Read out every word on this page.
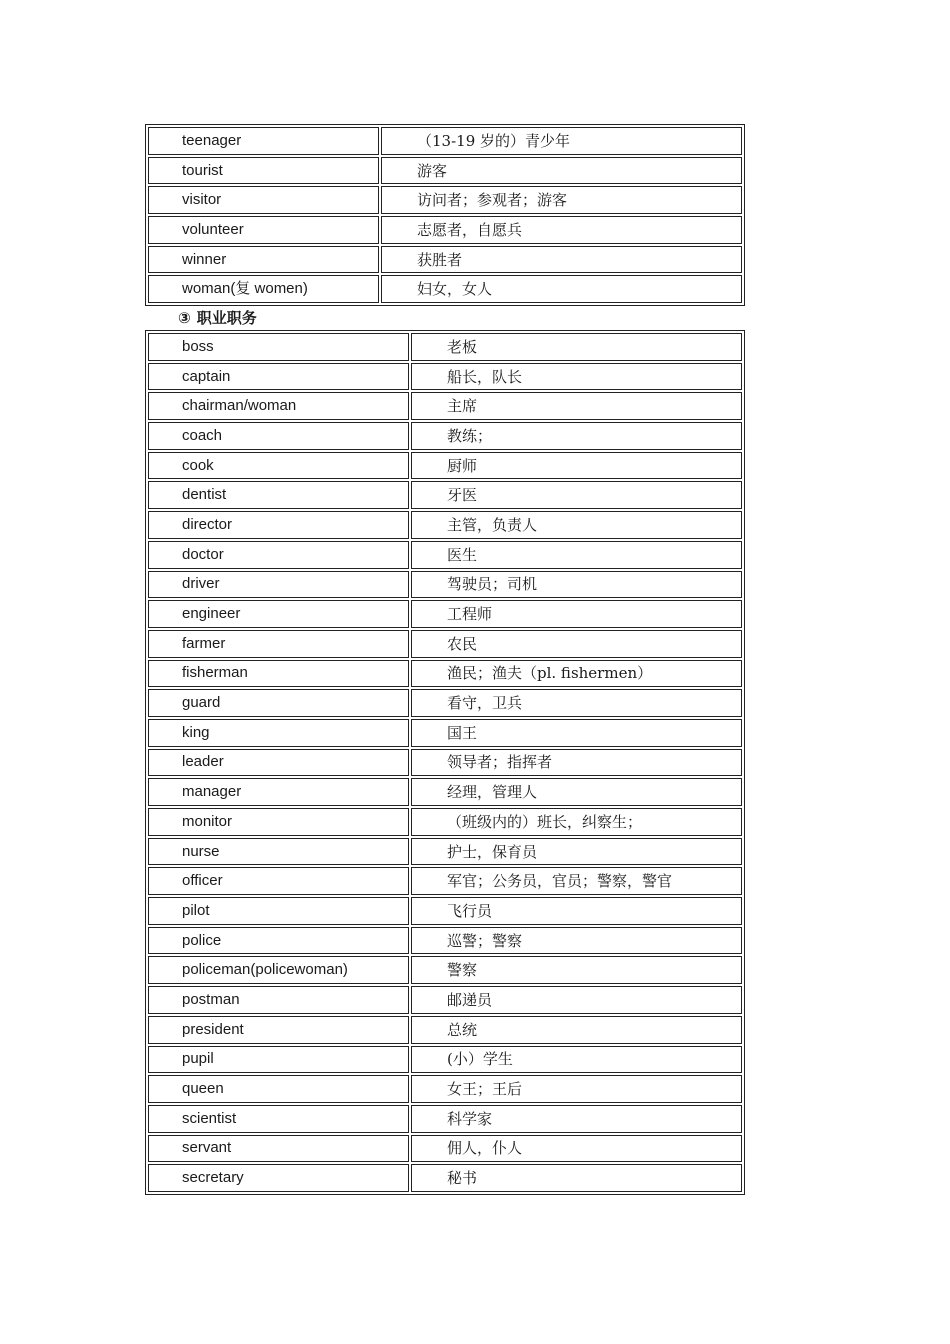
teenager	（13-19 岁的）青少年
tourist	游客
visitor	访问者；参观者；游客
volunteer	志愿者，自愿兵
winner	获胜者
woman(复 women)	妇女，女人
③ 职业职务
boss	老板
captain	船长，队长
chairman/woman	主席
coach	教练；
cook	厨师
dentist	牙医
director	主管，负责人
doctor	医生
driver	驾驶员；司机
engineer	工程师
farmer	农民
fisherman	渔民；渔夫（pl. fishermen）
guard	看守，卫兵
king	国王
leader	领导者；指挥者
manager	经理，管理人
monitor	（班级内的）班长，纠察生；
nurse	护士，保育员
officer	军官；公务员，官员；警察，警官
pilot	飞行员
police	巡警；警察
policeman(policewoman)	警察
postman	邮递员
president	总统
pupil	(小）学生
queen	女王；王后
scientist	科学家
servant	佣人，仆人
secretary	秘书
